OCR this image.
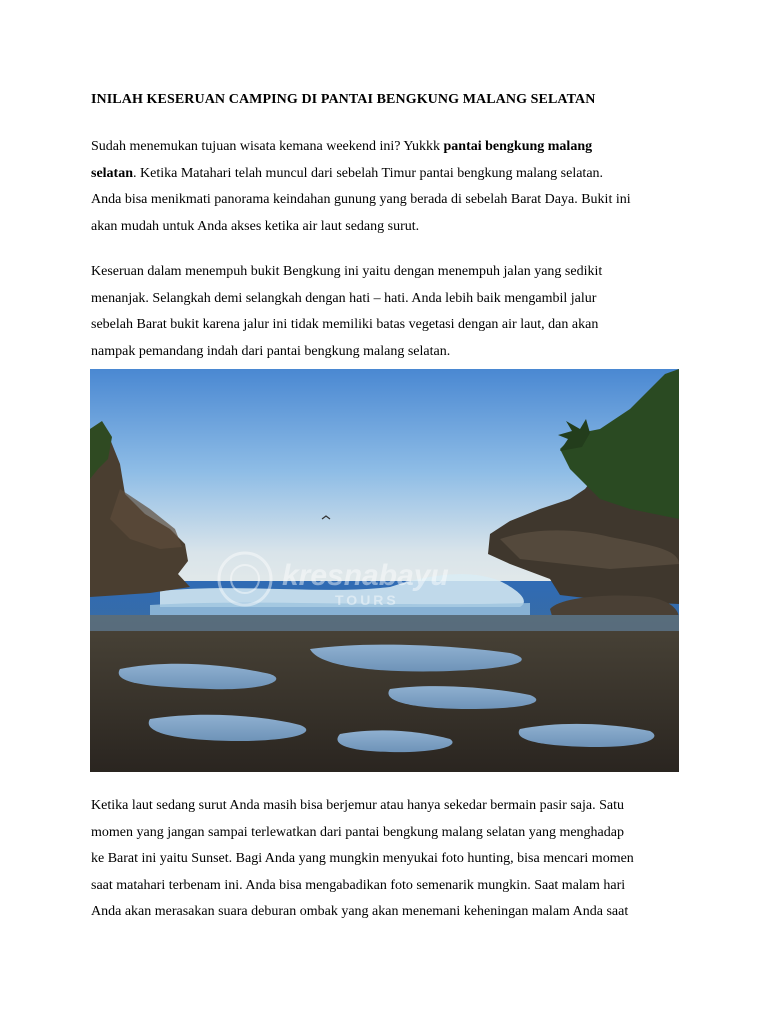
INILAH KESERUAN CAMPING DI PANTAI BENGKUNG MALANG SELATAN

Sudah menemukan tujuan wisata kemana weekend ini? Yukkk pantai bengkung malang
selatan. Ketika Matahari telah muncul dari sebelah Timur pantai bengkung malang selatan.
Anda bisa menikmati panorama keindahan gunung yang berada di sebelah Barat Daya. Bukit ini
akan mudah untuk Anda akses ketika air laut sedang surut.

Keseruan dalam menempuh bukit Bengkung ini yaitu dengan menempuh jalan yang sedikit
menanjak. Selangkah demi selangkah dengan hati – hati. Anda lebih baik mengambil jalur
sebelah Barat bukit karena jalur ini tidak memiliki batas vegetasi dengan air laut, dan akan
nampak pemandang indah dari pantai bengkung malang selatan.

kresnabayu
TOURS

Ketika laut sedang surut Anda masih bisa berjemur atau hanya sekedar bermain pasir saja. Satu
momen yang jangan sampai terlewatkan dari pantai bengkung malang selatan yang menghadap
ke Barat ini yaitu Sunset. Bagi Anda yang mungkin menyukai foto hunting, bisa mencari momen
saat matahari terbenam ini. Anda bisa mengabadikan foto semenarik mungkin. Saat malam hari
Anda akan merasakan suara deburan ombak yang akan menemani keheningan malam Anda saat
